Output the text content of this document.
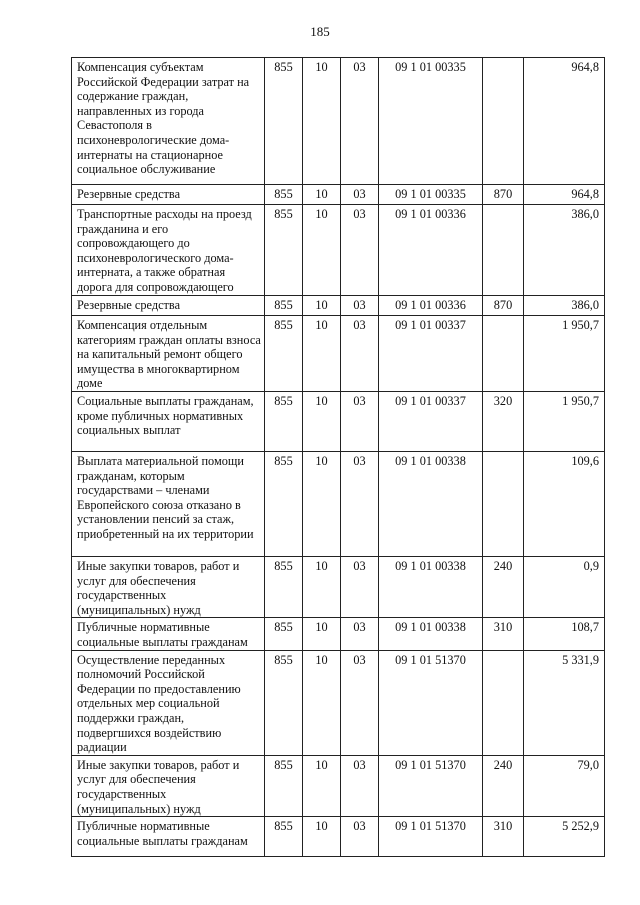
185
Компенсация субъектам Российской Федерации затрат на содержание граждан, направленных из города Севастополя в психоневрологические дома-интернаты на стационарное социальное обслуживание	855	10	03	09 1 01 00335		964,8
Резервные средства	855	10	03	09 1 01 00335	870	964,8
Транспортные расходы на проезд гражданина и его сопровождающего до психоневрологического дома-интерната, а также обратная дорога для сопровождающего	855	10	03	09 1 01 00336		386,0
Резервные средства	855	10	03	09 1 01 00336	870	386,0
Компенсация отдельным категориям граждан оплаты взноса на капитальный ремонт общего имущества в многоквартирном доме	855	10	03	09 1 01 00337		1 950,7
Социальные выплаты гражданам, кроме публичных нормативных социальных выплат	855	10	03	09 1 01 00337	320	1 950,7
Выплата материальной помощи гражданам, которым государствами – членами Европейского союза отказано в установлении пенсий за стаж, приобретенный на их территории	855	10	03	09 1 01 00338		109,6
Иные закупки товаров, работ и услуг для обеспечения государственных (муниципальных) нужд	855	10	03	09 1 01 00338	240	0,9
Публичные нормативные социальные выплаты гражданам	855	10	03	09 1 01 00338	310	108,7
Осуществление переданных полномочий Российской Федерации по предоставлению отдельных мер социальной поддержки граждан, подвергшихся воздействию радиации	855	10	03	09 1 01 51370		5 331,9
Иные закупки товаров, работ и услуг для обеспечения государственных (муниципальных) нужд	855	10	03	09 1 01 51370	240	79,0
Публичные нормативные социальные выплаты гражданам	855	10	03	09 1 01 51370	310	5 252,9
